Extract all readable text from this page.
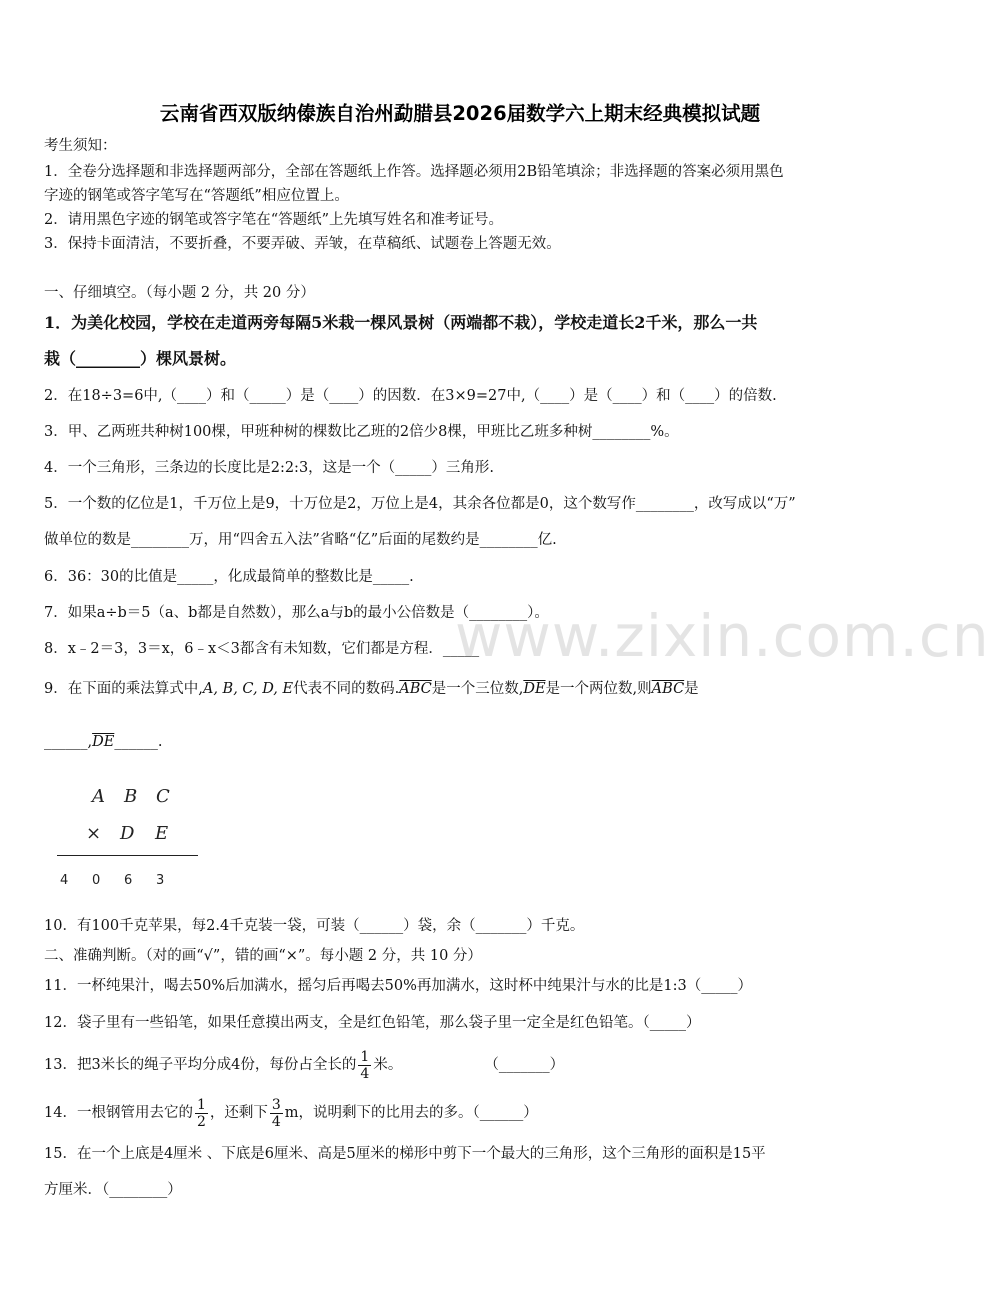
www.zixin.com.cn
云南省西双版纳傣族自治州勐腊县2026届数学六上期末经典模拟试题
考生须知：
1．全卷分选择题和非选择题两部分，全部在答题纸上作答。选择题必须用2B铅笔填涂；非选择题的答案必须用黑色
字迹的钢笔或答字笔写在“答题纸”相应位置上。
2．请用黑色字迹的钢笔或答字笔在“答题纸”上先填写姓名和准考证号。
3．保持卡面清洁，不要折叠，不要弄破、弄皱，在草稿纸、试题卷上答题无效。
一、仔细填空。（每小题 2 分，共 20 分）
1．为美化校园，学校在走道两旁每隔5米栽一棵风景树（两端都不栽），学校走道长2千米，那么一共
栽（________）棵风景树。
2．在18÷3=6中,（____）和（_____）是（____）的因数．在3×9=27中,（____）是（____）和（____）的倍数.
3．甲、乙两班共种树100棵，甲班种树的棵数比乙班的2倍少8棵，甲班比乙班多种树________%。
4．一个三角形，三条边的长度比是2:2:3，这是一个（_____）三角形.
5．一个数的亿位是1，千万位上是9，十万位是2，万位上是4，其余各位都是0，这个数写作________，改写成以“万”
做单位的数是________万，用“四舍五入法”省略“亿”后面的尾数约是________亿.
6．36：30的比值是_____，化成最简单的整数比是_____.
7．如果a÷b＝5（a、b都是自然数），那么a与b的最小公倍数是（________）。
8．x﹣2＝3，3＝x，6﹣x＜3都含有未知数，它们都是方程．_____
9．在下面的乘法算式中,A, B, C, D, E代表不同的数码$.\overline{ABC}$是一个三位数$,\overline{DE}$是一个两位数,则$\overline{ABC}$是
$\_\_\_\_\_\_,\overline{DE}\_\_\_\_\_\_$.
A B C
× D E
4 0 6 3
10．有100千克苹果，每2.4千克装一袋，可装（______）袋，余（_______）千克。
二、准确判断。（对的画“√”，错的画“×”。每小题 2 分，共 10 分）
11．一杯纯果汁，喝去50%后加满水，摇匀后再喝去50%再加满水，这时杯中纯果汁与水的比是1:3（_____）
12．袋子里有一些铅笔，如果任意摸出两支，全是红色铅笔，那么袋子里一定全是红色铅笔。（_____）
13．把3米长的绳子平均分成4份，每份占全长的 $\frac{1}{4}$ 米。	（_______）
14．一根钢管用去它的 $\frac{1}{2}$ ，还剩下 $\frac{3}{4}$ m，说明剩下的比用去的多。（______）
15．在一个上底是4厘米 、下底是6厘米、高是5厘米的梯形中剪下一个最大的三角形，这个三角形的面积是15平
方厘米．（________）
